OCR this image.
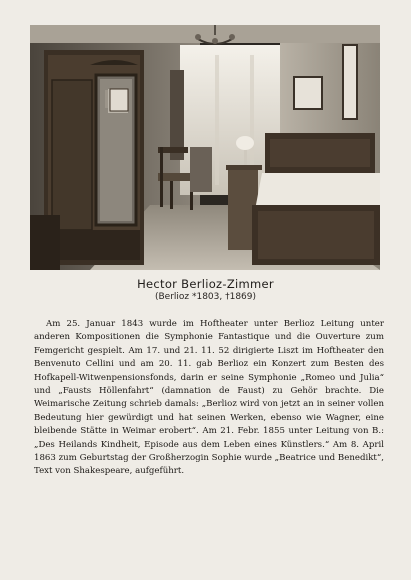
Hector Berlioz-Zimmer
(Berlioz *1803, †1869)

Am 25. Januar 1843 wurde im Hoftheater unter Berlioz Leitung unter anderen Kompositionen die Symphonie Fantastique und die Ouverture zum Femgericht gespielt. Am 17. und 21. 11. 52 dirigierte Liszt im Hoftheater den Benvenuto Cellini und am 20. 11. gab Berlioz ein Konzert zum Besten des Hofkapell-Witwenpensionsfonds, darin er seine Symphonie „Romeo und Julia“ und „Fausts Höllenfahrt“ (damnation de Faust) zu Gehör brachte. Die Weimarische Zeitung schrieb damals: „Berlioz wird von jetzt an in seiner vollen Bedeutung hier gewürdigt und hat seinen Werken, ebenso wie Wagner, eine bleibende Stätte in Weimar erobert“. Am 21. Febr. 1855 unter Leitung von B.: „Des Heilands Kindheit, Episode aus dem Leben eines Künstlers.“ Am 8. April 1863 zum Geburtstag der Großherzogin Sophie wurde „Beatrice und Benedikt“, Text von Shakespeare, aufgeführt.
